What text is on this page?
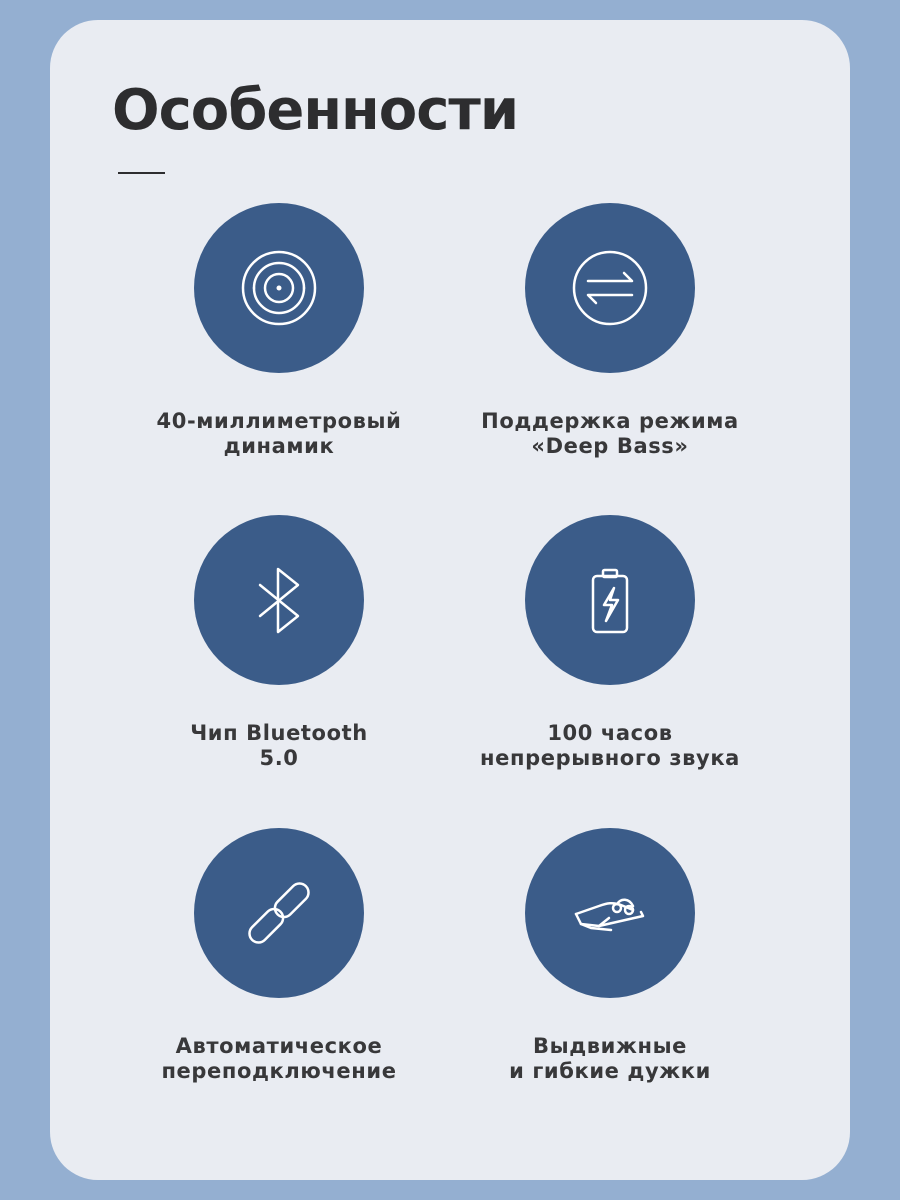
Особенности
40-миллиметровый
динамик
Поддержка режима
«Deep Bass»
Чип Bluetooth
5.0
100 часов
непрерывного звука
Автоматическое
переподключение
Выдвижные
и гибкие дужки
